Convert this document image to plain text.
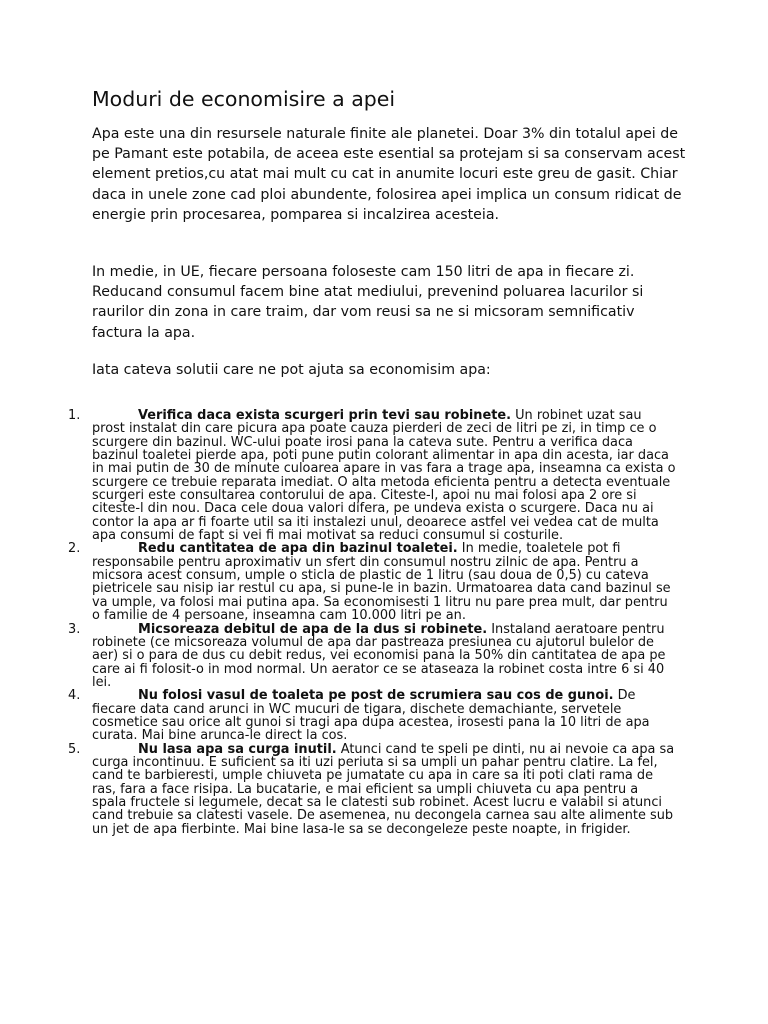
Moduri de economisire a apei

Apa este una din resursele naturale finite ale planetei. Doar 3% din totalul apei de pe Pamant este potabila, de aceea este esential sa protejam si sa conservam acest element pretios,cu atat mai mult cu cat in anumite locuri este greu de gasit. Chiar daca in unele zone cad ploi abundente, folosirea apei implica un consum ridicat de energie prin procesarea, pomparea si incalzirea acesteia.

In medie, in UE, fiecare persoana foloseste cam 150 litri de apa in fiecare zi. Reducand consumul facem bine atat mediului, prevenind poluarea lacurilor si raurilor din zona in care traim, dar vom reusi sa ne si micsoram semnificativ factura la apa.

Iata cateva solutii care ne pot ajuta sa economisim apa:

1.	Verifica daca exista scurgeri prin tevi sau robinete. Un robinet uzat sau prost instalat din care picura apa poate cauza pierderi de zeci de litri pe zi, in timp ce o scurgere din bazinul. WC-ului poate irosi pana la cateva sute. Pentru a verifica daca bazinul toaletei pierde apa, poti pune putin colorant alimentar in apa din acesta, iar daca in mai putin de 30 de minute culoarea apare in vas fara a trage apa, inseamna ca exista o scurgere ce trebuie reparata imediat. O alta metoda eficienta pentru a detecta eventuale scurgeri este consultarea contorului de apa. Citeste-l, apoi nu mai folosi apa 2 ore si citeste-l din nou. Daca cele doua valori difera, pe undeva exista o scurgere. Daca nu ai contor la apa ar fi foarte util sa iti instalezi unul, deoarece astfel vei vedea cat de multa apa consumi de fapt si vei fi mai motivat sa reduci consumul si costurile.
2.	Redu cantitatea de apa din bazinul toaletei. In medie, toaletele pot fi responsabile pentru aproximativ un sfert din consumul nostru zilnic de apa. Pentru a micsora acest consum, umple o sticla de plastic de 1 litru (sau doua de 0,5) cu cateva pietricele sau nisip iar restul cu apa, si pune-le in bazin. Urmatoarea data cand bazinul se va umple, va folosi mai putina apa. Sa economisesti 1 litru nu pare prea mult, dar pentru o familie de 4 persoane, inseamna cam 10.000 litri pe an.
3.	Micsoreaza debitul de apa de la dus si robinete. Instaland aeratoare pentru robinete (ce micsoreaza volumul de apa dar pastreaza presiunea cu ajutorul bulelor de aer) si o para de dus cu debit redus, vei economisi pana la 50% din cantitatea de apa pe care ai fi folosit-o in mod normal. Un aerator ce se ataseaza la robinet costa intre 6 si 40 lei.
4.	Nu folosi vasul de toaleta pe post de scrumiera sau cos de gunoi. De fiecare data cand arunci in WC mucuri de tigara, dischete demachiante, servetele cosmetice sau orice alt gunoi si tragi apa dupa acestea, irosesti pana la 10 litri de apa curata. Mai bine arunca-le direct la cos.
5.	Nu lasa apa sa curga inutil. Atunci cand te speli pe dinti, nu ai nevoie ca apa sa curga incontinuu. E suficient sa iti uzi periuta si sa umpli un pahar pentru clatire. La fel, cand te barbieresti, umple chiuveta pe jumatate cu apa in care sa iti poti clati rama de ras, fara a face risipa. La bucatarie, e mai eficient sa umpli chiuveta cu apa pentru a spala fructele si legumele, decat sa le clatesti sub robinet. Acest lucru e valabil si atunci cand trebuie sa clatesti vasele. De asemenea, nu decongela carnea sau alte alimente sub un jet de apa fierbinte. Mai bine lasa-le sa se decongeleze peste noapte, in frigider.
